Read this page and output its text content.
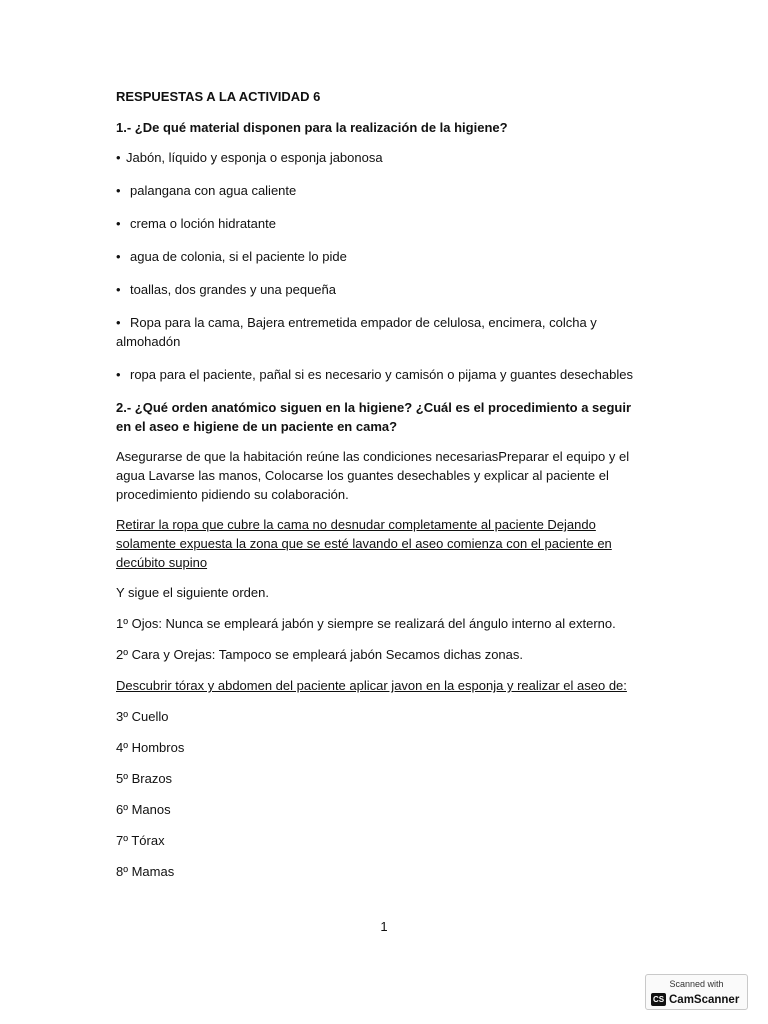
RESPUESTAS A LA ACTIVIDAD 6
1.- ¿De qué material disponen para la realización de la higiene?
• Jabón, líquido y esponja o esponja jabonosa
• palangana con agua caliente
• crema o loción hidratante
• agua de colonia, si el paciente lo pide
• toallas, dos grandes y una pequeña
• Ropa para la cama, Bajera entremetida empador de celulosa, encimera, colcha y almohadón
• ropa para el paciente, pañal si es necesario y camisón o pijama y guantes desechables
2.- ¿Qué orden anatómico siguen en la higiene? ¿Cuál es el procedimiento a seguir en el aseo e higiene de un paciente en cama?
Asegurarse de que la habitación reúne las condiciones necesariasPreparar el equipo y el agua Lavarse las manos, Colocarse los guantes desechables y explicar al paciente el procedimiento pidiendo su colaboración.
Retirar la ropa que cubre la cama no desnudar completamente al paciente Dejando solamente expuesta la zona que se esté lavando el aseo comienza con el paciente en decúbito supino
Y sigue el siguiente orden.
1º Ojos: Nunca se empleará jabón y siempre se realizará del ángulo interno al externo.
2º Cara y Orejas: Tampoco se empleará jabón Secamos dichas zonas.
Descubrir tórax y abdomen del paciente aplicar javon en la esponja y realizar el aseo de:
3º Cuello
4º Hombros
5º Brazos
6º Manos
7º Tórax
8º Mamas
1
Scanned with
CS CamScanner
